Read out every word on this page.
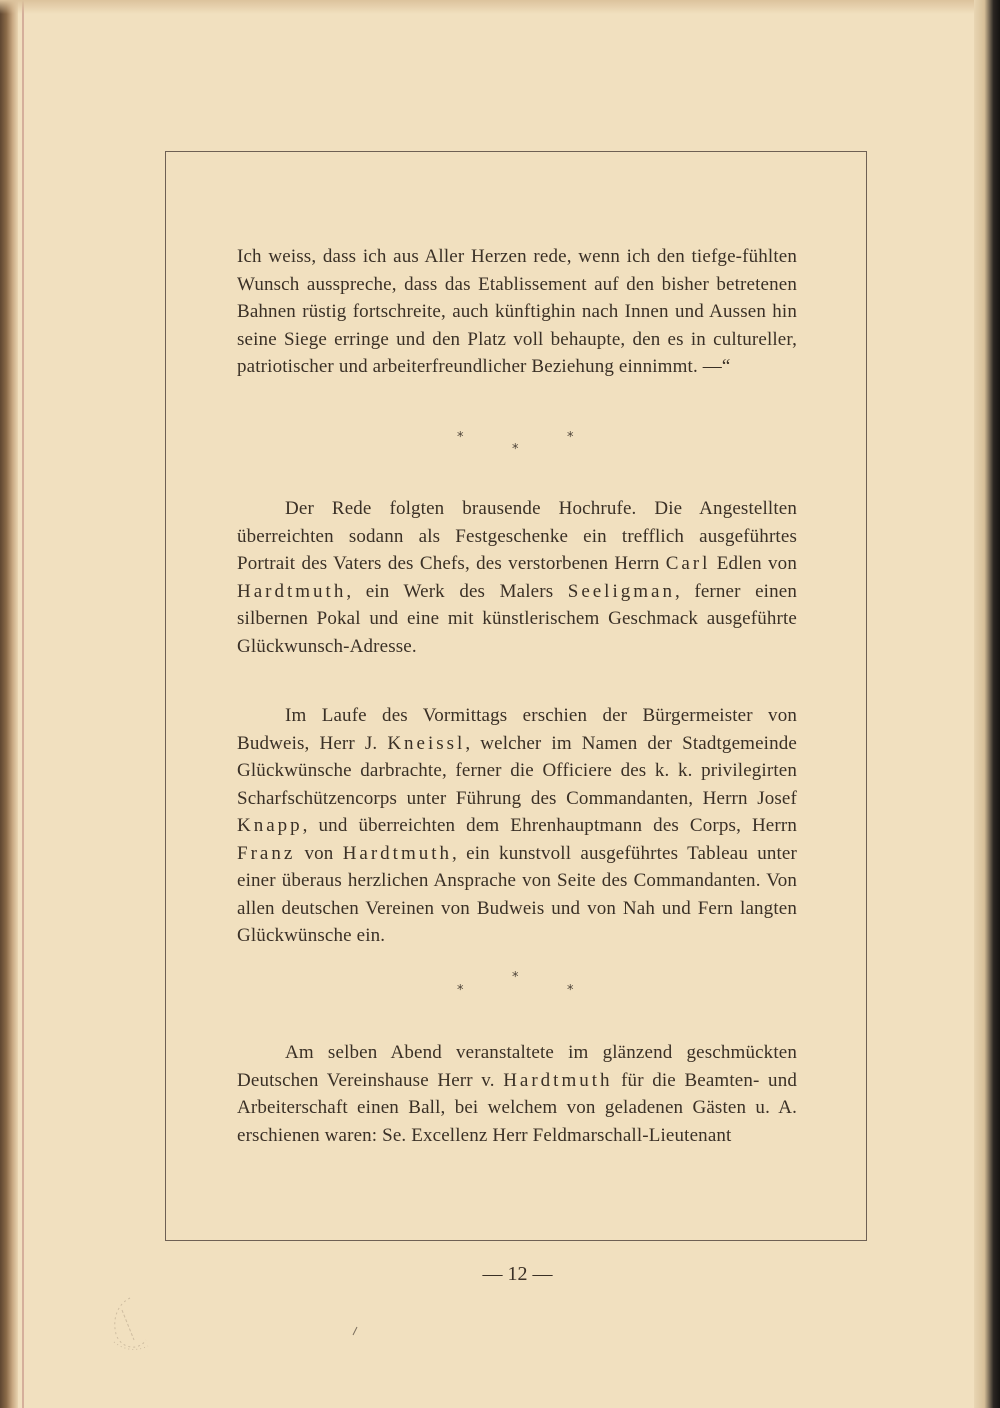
Ich weiss, dass ich aus Aller Herzen rede, wenn ich den tiefge-fühlten Wunsch ausspreche, dass das Etablissement auf den bisher betretenen Bahnen rüstig fortschreite, auch künftighin nach Innen und Aussen hin seine Siege erringe und den Platz voll behaupte, den es in cultureller, patriotischer und arbeiterfreundlicher Beziehung einnimmt. —“

*	*
*

Der Rede folgten brausende Hochrufe. Die Angestellten überreichten sodann als Festgeschenke ein trefflich ausgeführtes Portrait des Vaters des Chefs, des verstorbenen Herrn Carl Edlen von Hardtmuth, ein Werk des Malers Seeligman, ferner einen silbernen Pokal und eine mit künstlerischem Geschmack ausgeführte Glückwunsch-Adresse.

Im Laufe des Vormittags erschien der Bürgermeister von Budweis, Herr J. Kneissl, welcher im Namen der Stadtgemeinde Glückwünsche darbrachte, ferner die Officiere des k. k. privilegirten Scharfschützencorps unter Führung des Commandanten, Herrn Josef Knapp, und überreichten dem Ehrenhauptmann des Corps, Herrn Franz von Hardtmuth, ein kunstvoll ausgeführtes Tableau unter einer überaus herzlichen Ansprache von Seite des Commandanten. Von allen deutschen Vereinen von Budweis und von Nah und Fern langten Glückwünsche ein.

*
*	*

Am selben Abend veranstaltete im glänzend geschmückten Deutschen Vereinshause Herr v. Hardtmuth für die Beamten- und Arbeiterschaft einen Ball, bei welchem von geladenen Gästen u. A. erschienen waren: Se. Excellenz Herr Feldmarschall-Lieutenant

— 12 —
